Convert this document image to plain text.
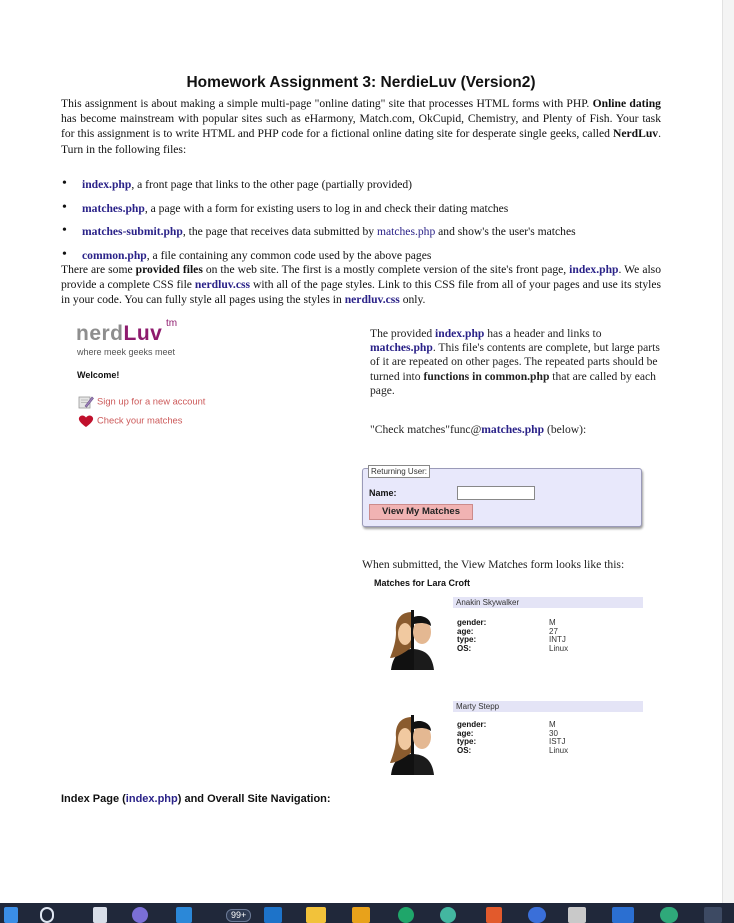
Homework Assignment 3: NerdieLuv (Version2)

This assignment is about making a simple multi-page "online dating" site that processes HTML forms with PHP. Online dating has become mainstream with popular sites such as eHarmony, Match.com, OkCupid, Chemistry, and Plenty of Fish. Your task for this assignment is to write HTML and PHP code for a fictional online dating site for desperate single geeks, called NerdLuv. Turn in the following files:

• index.php, a front page that links to the other page (partially provided)
• matches.php, a page with a form for existing users to log in and check their dating matches
• matches-submit.php, the page that receives data submitted by matches.php and show's the user's matches
• common.php, a file containing any common code used by the above pages

There are some provided files on the web site. The first is a mostly complete version of the site's front page, index.php. We also provide a complete CSS file nerdluv.css with all of the page styles. Link to this CSS file from all of your pages and use its styles in your code. You can fully style all pages using the styles in nerdluv.css only.

nerdLuv tm
where meek geeks meet
Welcome!
Sign up for a new account
Check your matches

The provided index.php has a header and links to matches.php. This file's contents are complete, but large parts of it are repeated on other pages. The repeated parts should be turned into functions in common.php that are called by each page.

"Check matches"func@matches.php (below):

Returning User:
Name:
View My Matches

When submitted, the View Matches form looks like this:

Matches for Lara Croft
Anakin Skywalker
gender:
age:
type:
OS:
M
27
INTJ
Linux
Marty Stepp
gender:
age:
type:
OS:
M
30
ISTJ
Linux
Index Page (index.php) and Overall Site Navigation:
99+
